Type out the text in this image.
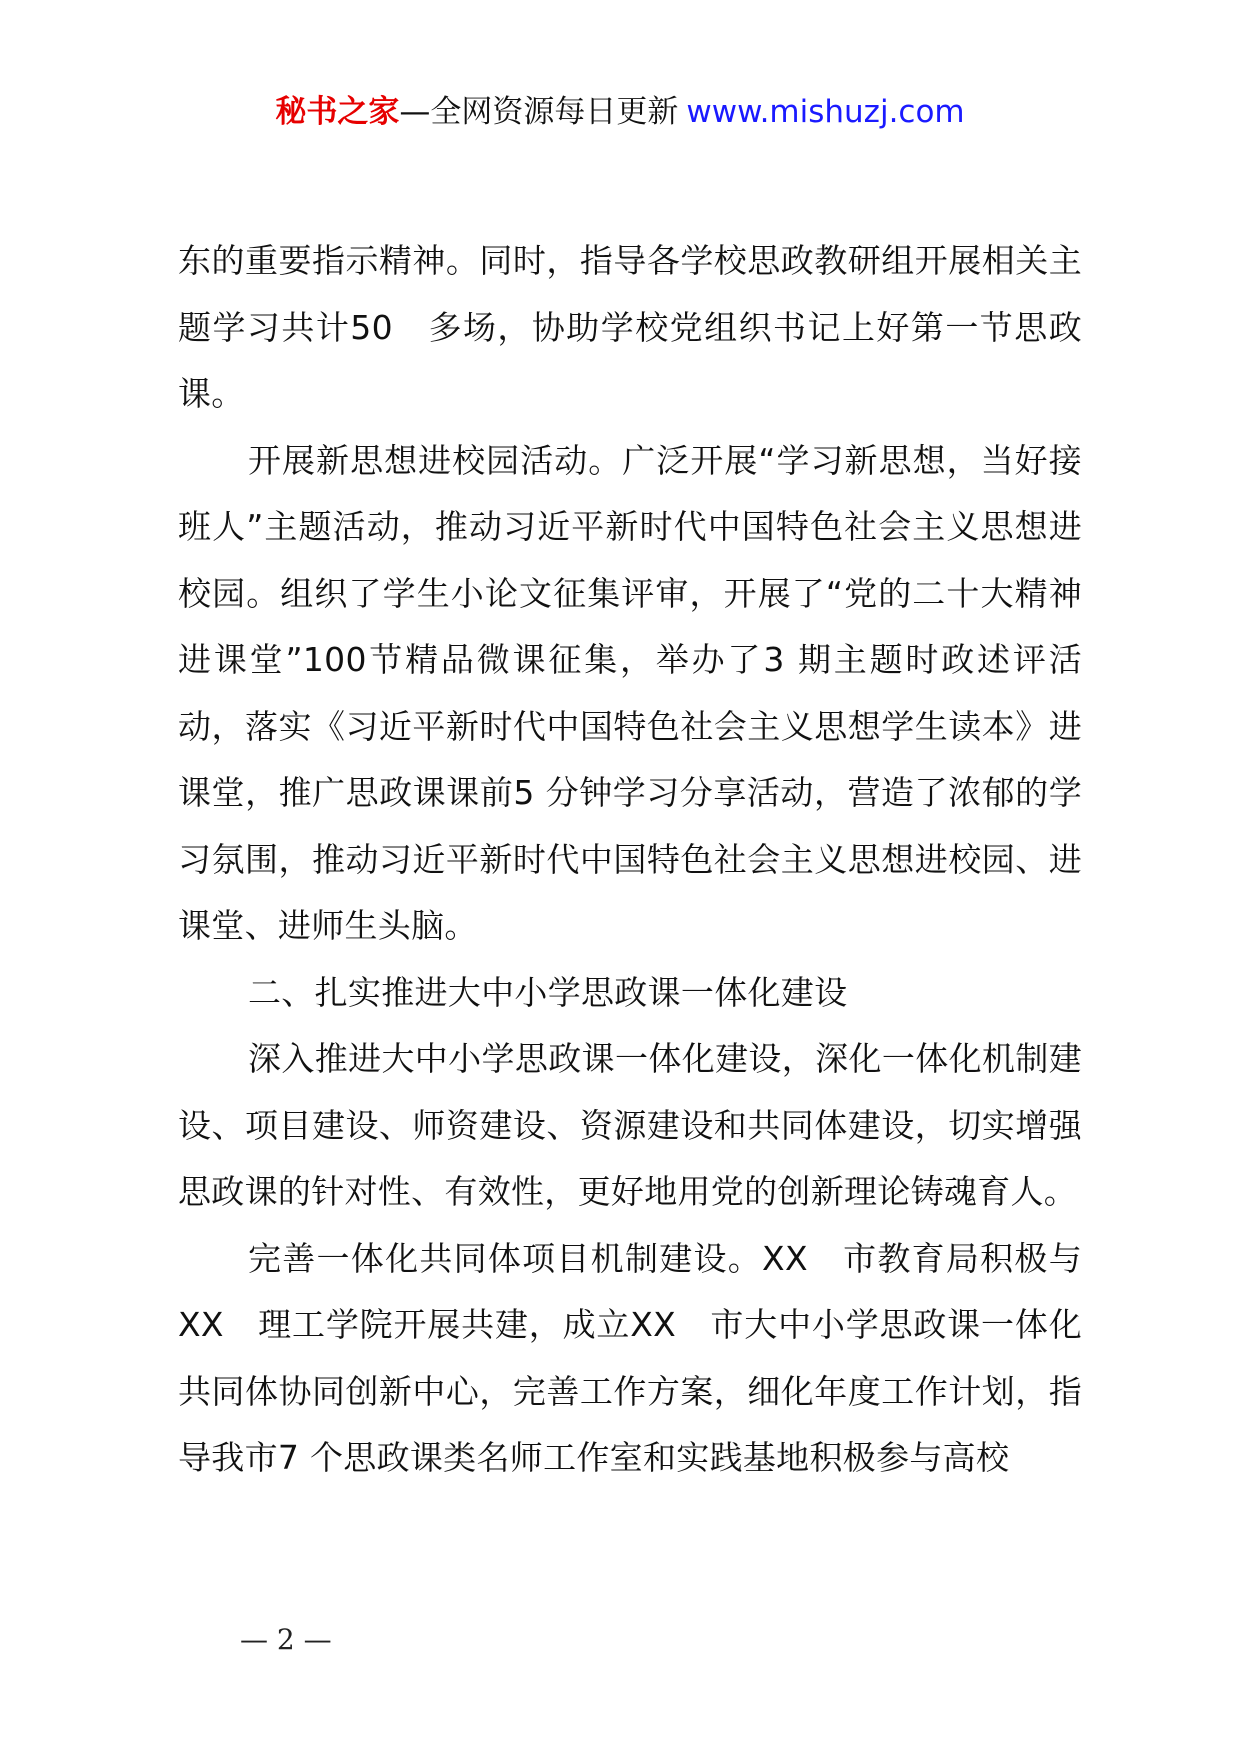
秘书之家—全网资源每日更新 www.mishuzj.com

东的重要指示精神。同时，指导各学校思政教研组开展相关主题学习共计50　多场，协助学校党组织书记上好第一节思政课。

开展新思想进校园活动。广泛开展“学习新思想，当好接班人”主题活动，推动习近平新时代中国特色社会主义思想进校园。组织了学生小论文征集评审，开展了“党的二十大精神进课堂”100节精品微课征集，举办了3 期主题时政述评活动，落实《习近平新时代中国特色社会主义思想学生读本》进课堂，推广思政课课前5 分钟学习分享活动，营造了浓郁的学习氛围，推动习近平新时代中国特色社会主义思想进校园、进课堂、进师生头脑。

二、扎实推进大中小学思政课一体化建设

深入推进大中小学思政课一体化建设，深化一体化机制建设、项目建设、师资建设、资源建设和共同体建设，切实增强思政课的针对性、有效性，更好地用党的创新理论铸魂育人。

完善一体化共同体项目机制建设。XX　市教育局积极与XX　理工学院开展共建，成立XX　市大中小学思政课一体化共同体协同创新中心，完善工作方案，细化年度工作计划，指导我市7 个思政课类名师工作室和实践基地积极参与高校

— 2 —
